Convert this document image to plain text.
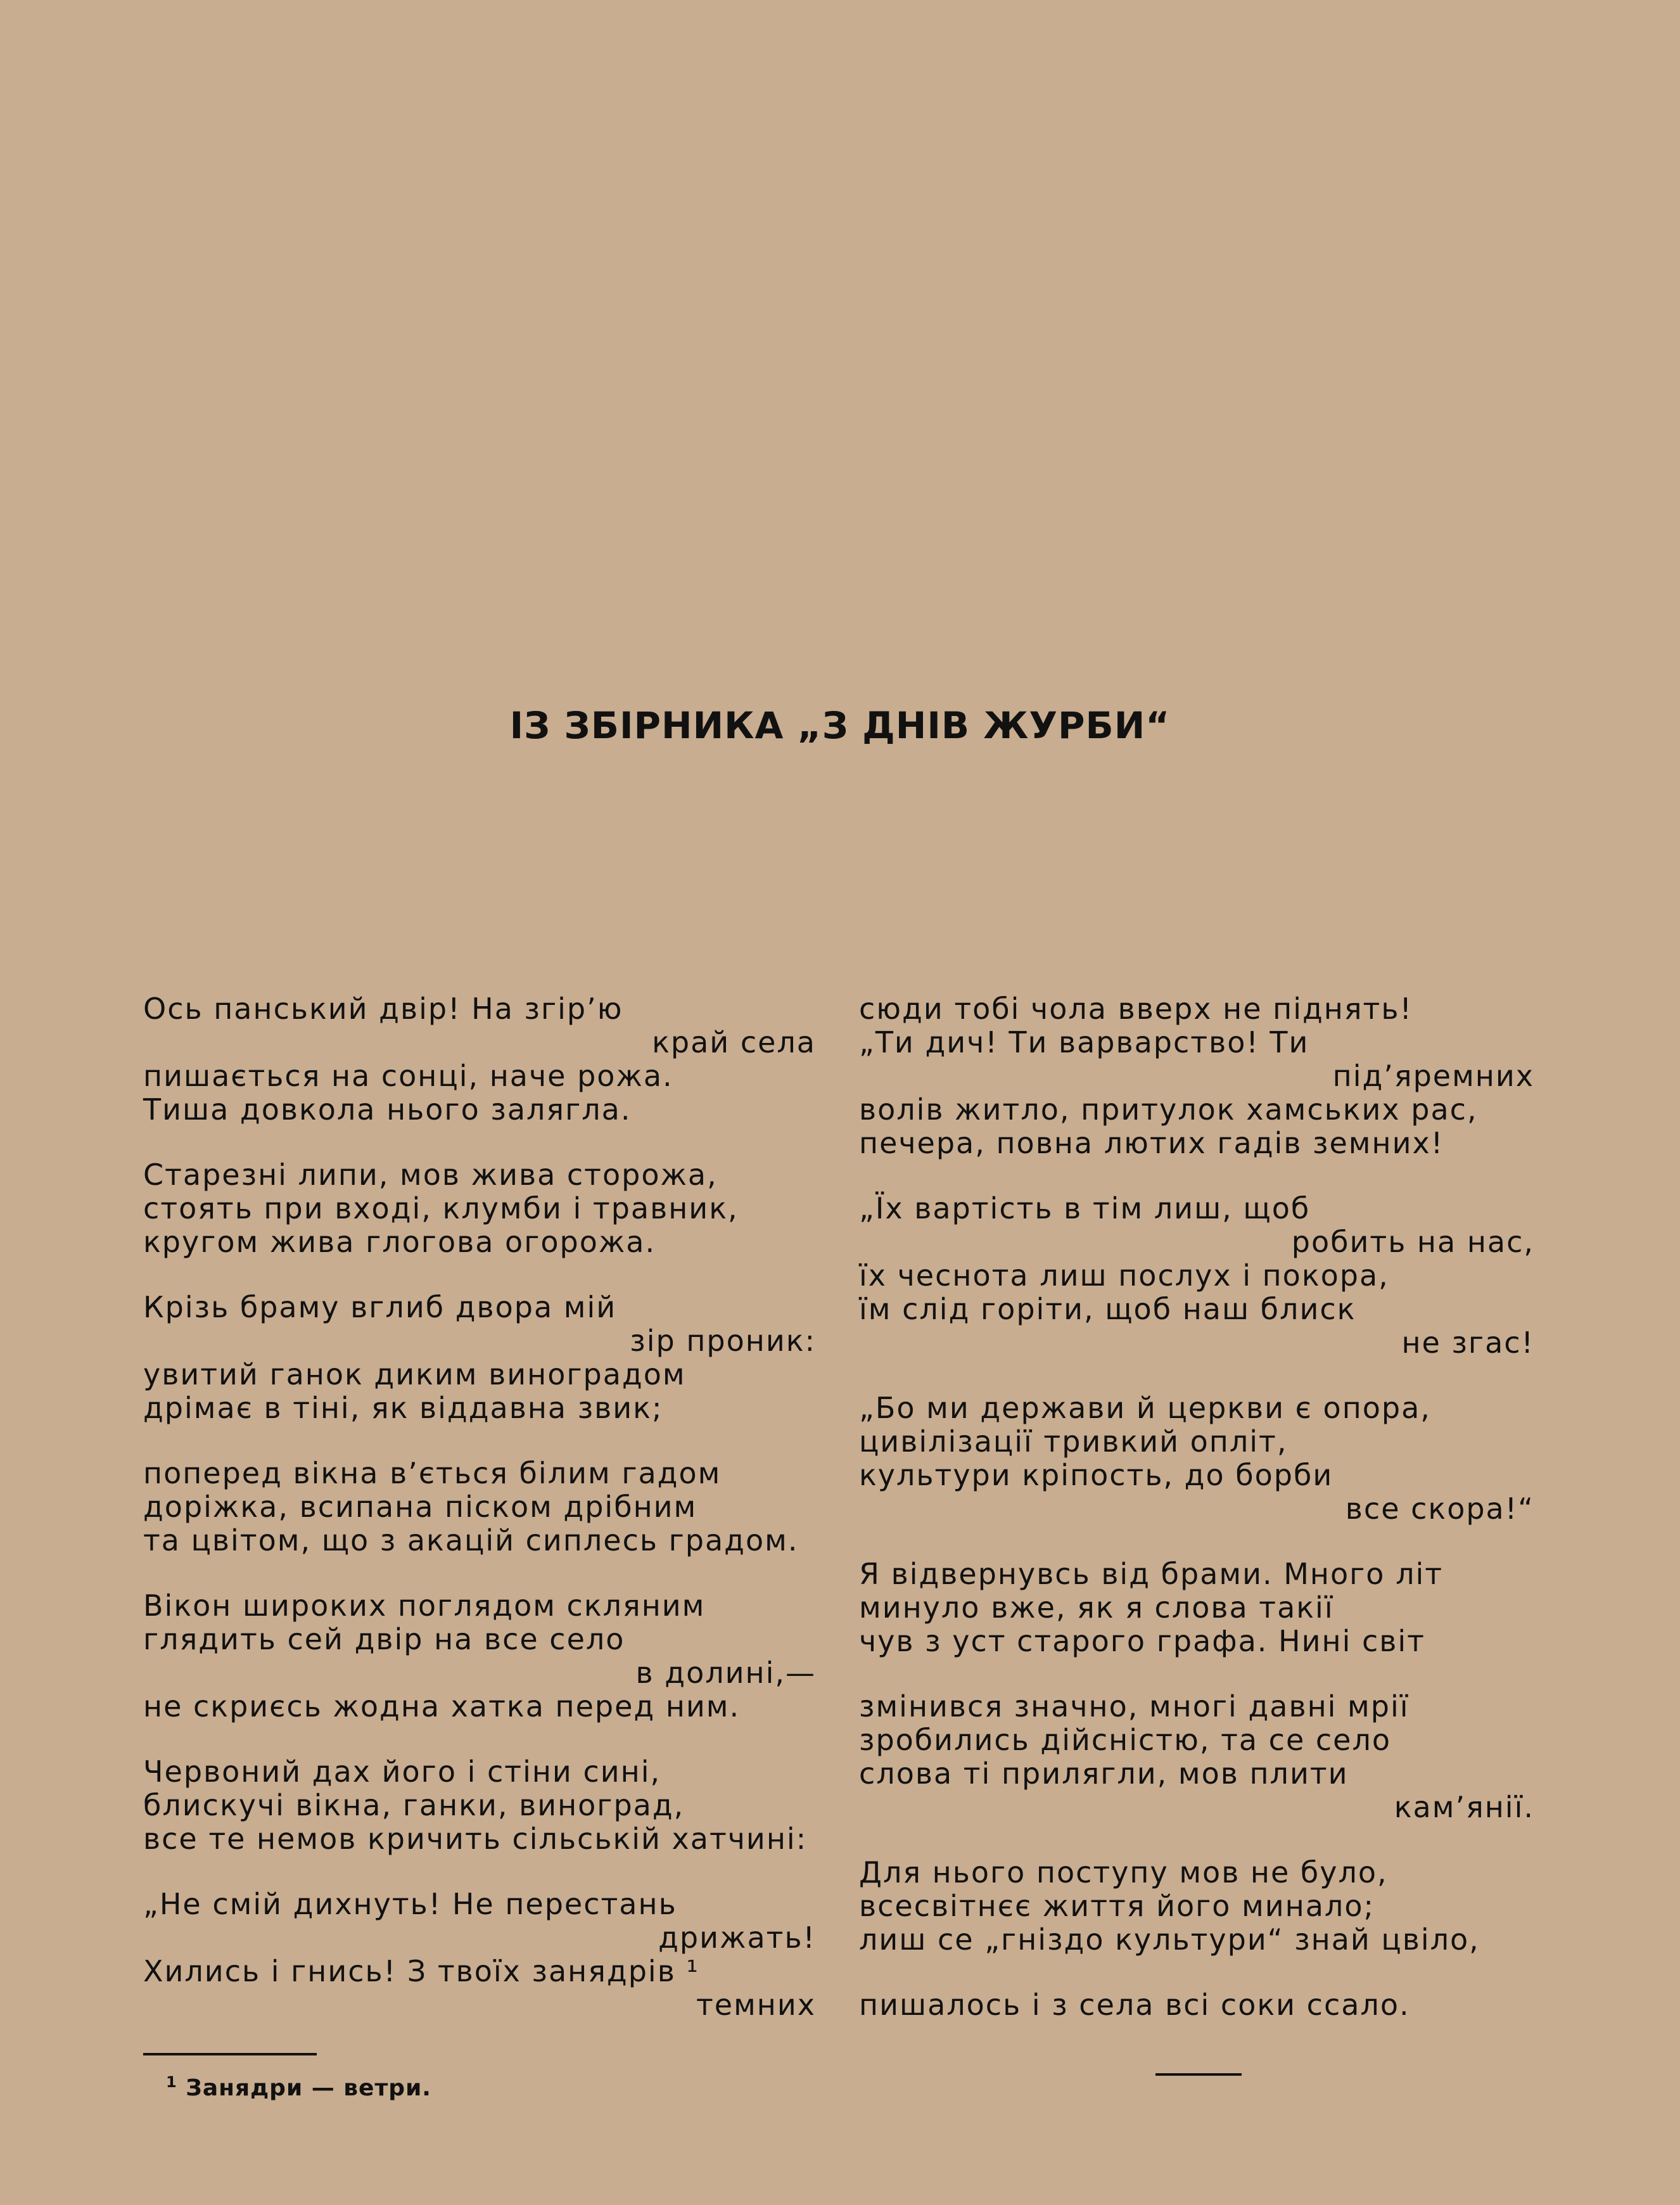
ІЗ ЗБІРНИКА „З ДНІВ ЖУРБИ“
Ось панський двір! На згір’ю
край села
пишається на сонці, наче рожа.
Тиша довкола нього залягла.
Старезні липи, мов жива сторожа,
стоять при вході, клумби і травник,
кругом жива глогова огорожа.
Крізь браму вглиб двора мій
зір проник:
увитий ганок диким виноградом
дрімає в тіні, як віддавна звик;
поперед вікна в’ється білим гадом
доріжка, всипана піском дрібним
та цвітом, що з акацій сиплесь градом.
Вікон широких поглядом скляним
глядить сей двір на все село
в долині,—
не скриєсь жодна хатка перед ним.
Червоний дах його і стіни сині,
блискучі вікна, ганки, виноград,
все те немов кричить сільській хатчині:
„Не смій дихнуть! Не перестань
дрижать!
Хились і гнись! З твоїх занядрів ¹
темних
сюди тобі чола вверх не піднять!
„Ти дич! Ти варварство! Ти
під’яремних
волів житло, притулок хамських рас,
печера, повна лютих гадів земних!
„Їх вартість в тім лиш, щоб
робить на нас,
їх чеснота лиш послух і покора,
їм слід горіти, щоб наш блиск
не згас!
„Бо ми держави й церкви є опора,
цивілізації тривкий оплiт,
культури кріпость, до борби
все скора!“
Я відвернувсь від брами. Много літ
минуло вже, як я слова такії
чув з уст старого графа. Нині світ
змінився значно, многі давні мрії
зробились дійсністю, та се село
слова ті прилягли, мов плити
кам’янії.
Для нього поступу мов не було,
всесвітнєє життя його минало;
лиш се „гніздо культури“ знай цвіло,
пишалось і з села всі соки ссало.
$^1$ Занядри — ветри.
